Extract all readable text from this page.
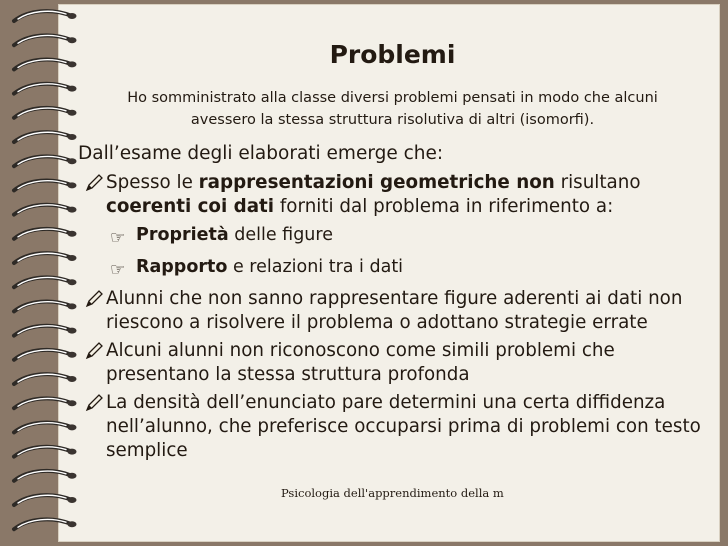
Problemi
Ho somministrato alla classe diversi problemi pensati in modo che alcuni avessero la stessa struttura risolutiva di altri (isomorfi).
Dall’esame degli elaborati emerge che:
Spesso le rappresentazioni geometriche non risultano coerenti coi dati forniti dal problema in riferimento a:
☞ Proprietà delle figure
☞ Rapporto e relazioni tra i dati
Alunni che non sanno rappresentare figure aderenti ai dati non riescono a risolvere il problema o adottano strategie errate
Alcuni alunni non riconoscono come simili problemi che presentano la stessa struttura profonda
La densità dell’enunciato pare determini una certa diffidenza nell’alunno, che preferisce occuparsi prima di problemi con testo semplice
Psicologia dell'apprendimento della m
